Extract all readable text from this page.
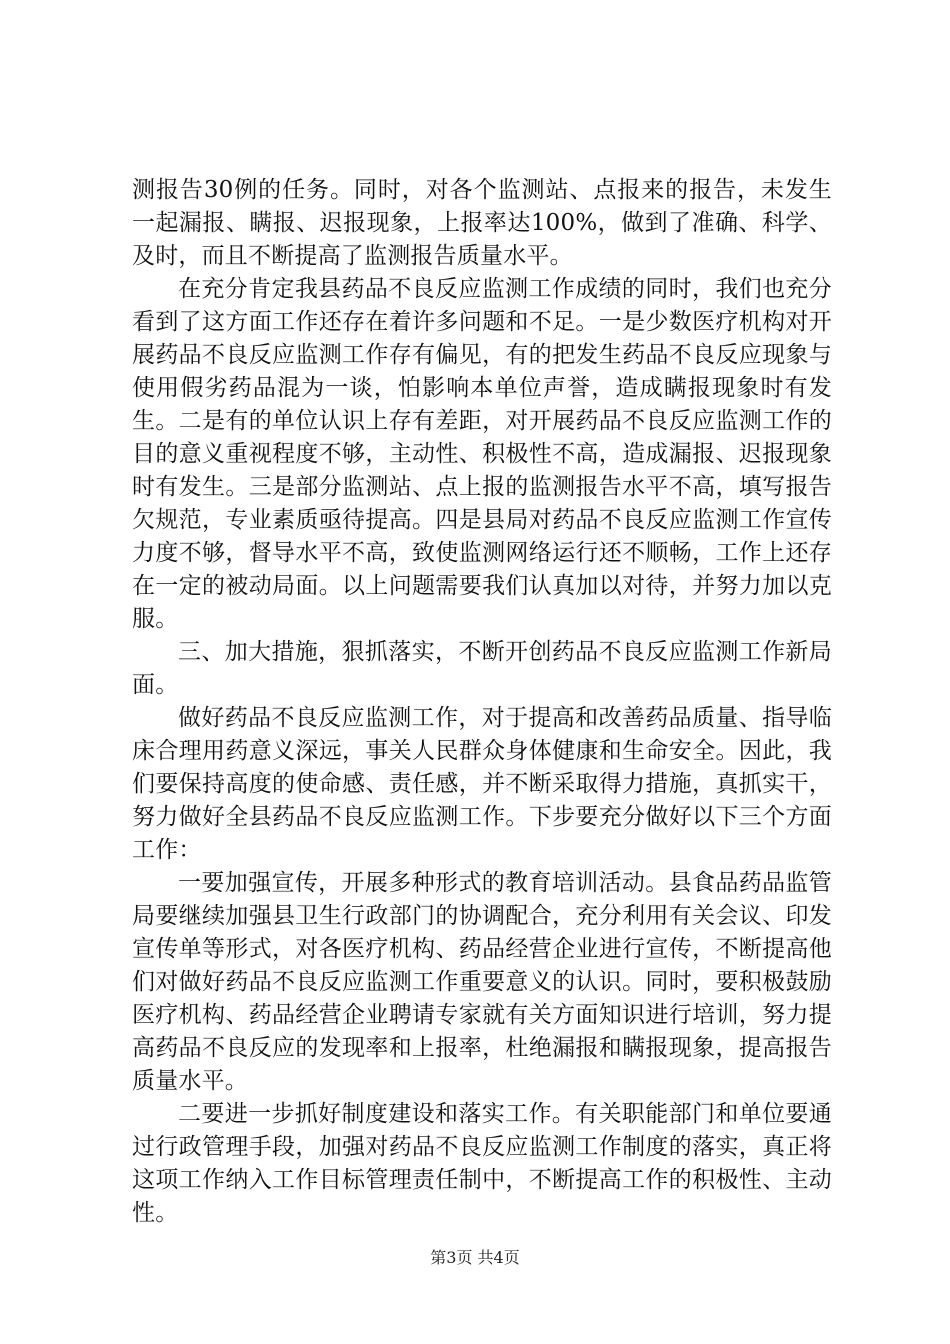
测报告30例的任务。同时，对各个监测站、点报来的报告，未发生一起漏报、瞒报、迟报现象，上报率达100%，做到了准确、科学、及时，而且不断提高了监测报告质量水平。

在充分肯定我县药品不良反应监测工作成绩的同时，我们也充分看到了这方面工作还存在着许多问题和不足。一是少数医疗机构对开展药品不良反应监测工作存有偏见，有的把发生药品不良反应现象与使用假劣药品混为一谈，怕影响本单位声誉，造成瞒报现象时有发生。二是有的单位认识上存有差距，对开展药品不良反应监测工作的目的意义重视程度不够，主动性、积极性不高，造成漏报、迟报现象时有发生。三是部分监测站、点上报的监测报告水平不高，填写报告欠规范，专业素质亟待提高。四是县局对药品不良反应监测工作宣传力度不够，督导水平不高，致使监测网络运行还不顺畅，工作上还存在一定的被动局面。以上问题需要我们认真加以对待，并努力加以克服。

三、加大措施，狠抓落实，不断开创药品不良反应监测工作新局面。

做好药品不良反应监测工作，对于提高和改善药品质量、指导临床合理用药意义深远，事关人民群众身体健康和生命安全。因此，我们要保持高度的使命感、责任感，并不断采取得力措施，真抓实干，努力做好全县药品不良反应监测工作。下步要充分做好以下三个方面工作：

一要加强宣传，开展多种形式的教育培训活动。县食品药品监管局要继续加强县卫生行政部门的协调配合，充分利用有关会议、印发宣传单等形式，对各医疗机构、药品经营企业进行宣传，不断提高他们对做好药品不良反应监测工作重要意义的认识。同时，要积极鼓励医疗机构、药品经营企业聘请专家就有关方面知识进行培训，努力提高药品不良反应的发现率和上报率，杜绝漏报和瞒报现象，提高报告质量水平。

二要进一步抓好制度建设和落实工作。有关职能部门和单位要通过行政管理手段，加强对药品不良反应监测工作制度的落实，真正将这项工作纳入工作目标管理责任制中，不断提高工作的积极性、主动性。

第3页 共4页
